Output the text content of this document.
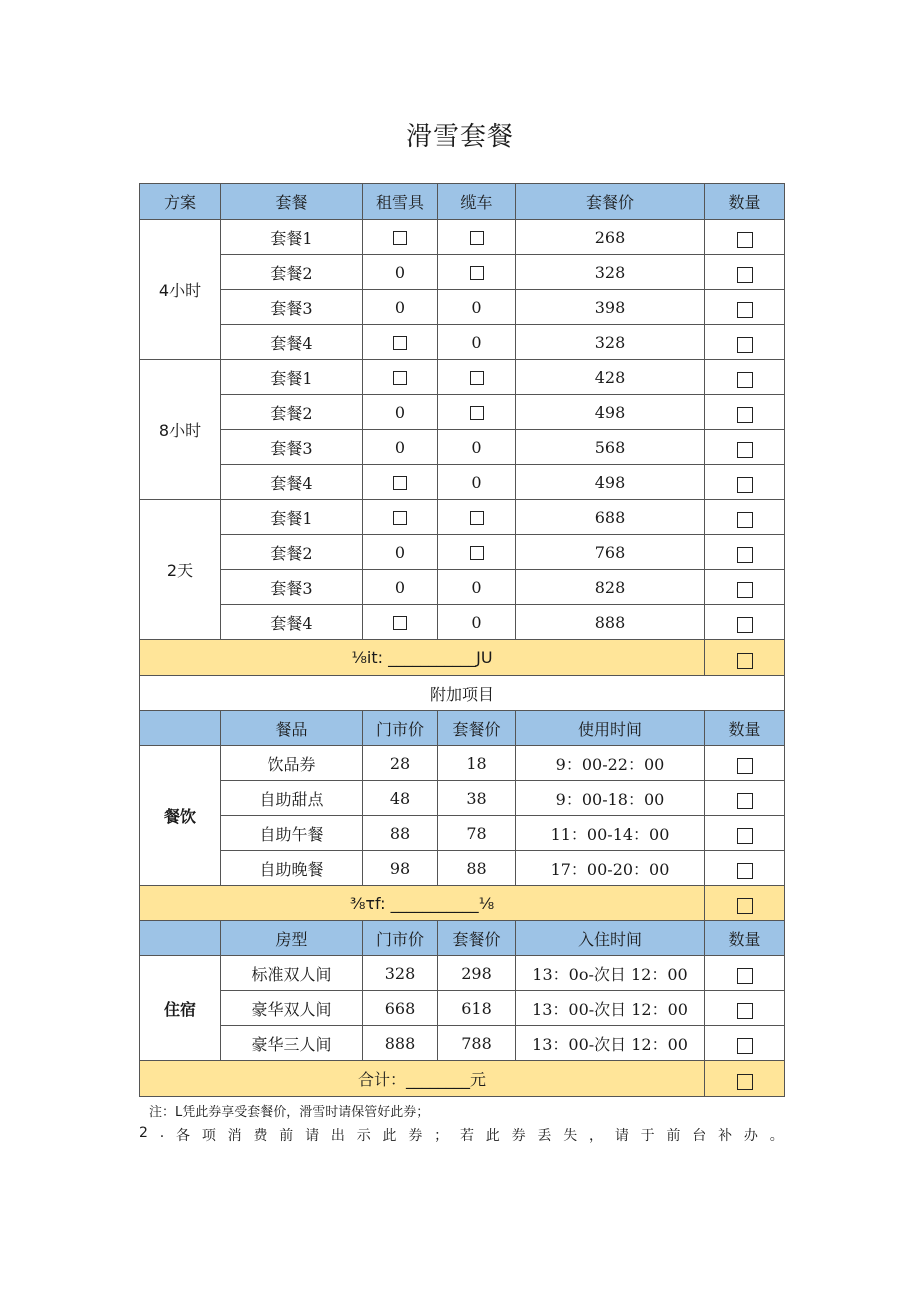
滑雪套餐
方案	套餐	租雪具	缆车	套餐价	数量
4小时	套餐1			268	
	套餐2	0		328	
	套餐3	0	0	398	
	套餐4		0	328	
8小时	套餐1			428	
	套餐2	0		498	
	套餐3	0	0	568	
	套餐4		0	498	
2天	套餐1			688	
	套餐2	0		768	
	套餐3	0	0	828	
	套餐4		0	888	
⅛it: ___________JU					
附加项目					
	餐品	门市价	套餐价	使用时间	数量
餐饮	饮品券	28	18	9：00-22：00	
	自助甜点	48	38	9：00-18：00	
	自助午餐	88	78	11：00-14：00	
	自助晚餐	98	88	17：00-20：00	
⅜τf: ___________⅛					
	房型	门市价	套餐价	入住时间	数量
住宿	标准双人间	328	298	13：0o-次日 12：00	
	豪华双人间	668	618	13：00-次日 12：00	
	豪华三人间	888	788	13：00-次日 12：00	
合计：________元					
注：L凭此券享受套餐价，滑雪时请保管好此券；
2 . 各 项 消 费 前 请 出 示 此 券 ； 若 此 券 丢 失 ， 请 于 前 台 补 办 。
